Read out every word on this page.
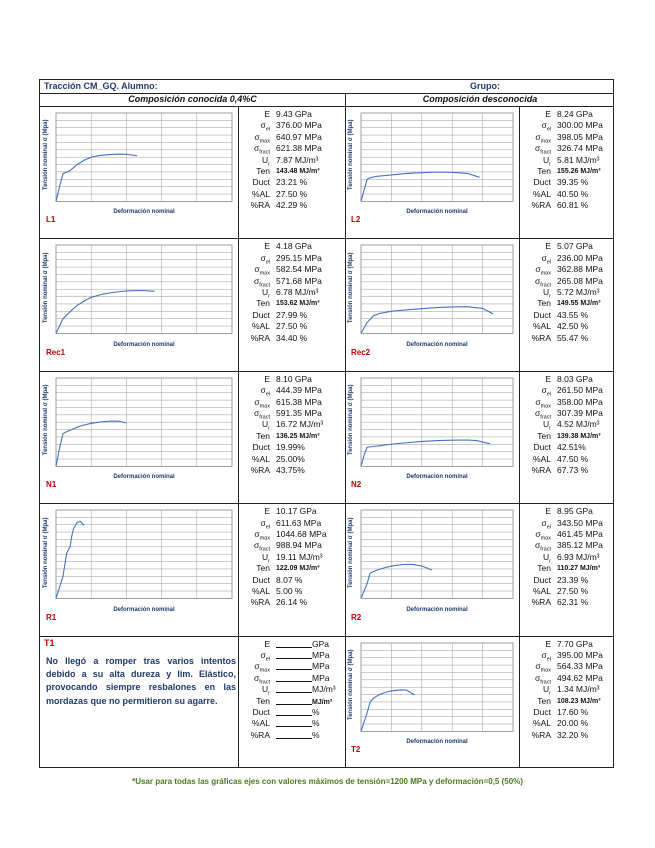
Tracción CM_GQ. Alumno:	Grupo:
Composición conocida 0,4%C	Composición desconocida
Tensión nominal σ (Mpa)
Deformación nominal
L1
E 9.43 GPa
$\sigma_{el}$ 376.00 MPa
$\sigma_{max}$ 640.97 MPa
$\sigma_{fract}$ 621.38 MPa
$U_r$ 7.87 MJ/m³
Ten 143.48 MJ/m³
Duct 23.21 %
%AL 27.50 %
%RA 42.29 %
Tensión nominal σ (Mpa)
Deformación nominal
L2
E 8.24 GPa
$\sigma_{el}$ 300.00 MPa
$\sigma_{max}$ 398.05 MPa
$\sigma_{fract}$ 326.74 MPa
$U_r$ 5.81 MJ/m³
Ten 155.26 MJ/m³
Duct 39.35 %
%AL 40.50 %
%RA 60.81 %
Tensión nominal σ (Mpa)
Deformación nominal
Rec1
E 4.18 GPa
$\sigma_{el}$ 295.15 MPa
$\sigma_{max}$ 582.54 MPa
$\sigma_{fract}$ 571.68 MPa
$U_r$ 6.78 MJ/m³
Ten 153.62 MJ/m³
Duct 27.99 %
%AL 27.50 %
%RA 34.40 %
Tensión nominal σ (Mpa)
Deformación nominal
Rec2
E 5.07 GPa
$\sigma_{el}$ 236.00 MPa
$\sigma_{max}$ 362.88 MPa
$\sigma_{fract}$ 265.08 MPa
$U_r$ 5.72 MJ/m³
Ten 149.55 MJ/m³
Duct 43.55 %
%AL 42.50 %
%RA 55.47 %
Tensión nominal σ (Mpa)
Deformación nominal
N1
E 8.10 GPa
$\sigma_{el}$ 444.39 MPa
$\sigma_{max}$ 615.38 MPa
$\sigma_{fract}$ 591.35 MPa
$U_r$ 16.72 MJ/m³
Ten 136.25 MJ/m³
Duct 19.99%
%AL 25.00%
%RA 43.75%
Tensión nominal σ (Mpa)
Deformación nominal
N2
E 8.03 GPa
$\sigma_{el}$ 261.50 MPa
$\sigma_{max}$ 358.00 MPa
$\sigma_{fract}$ 307.39 MPa
$U_r$ 4.52 MJ/m³
Ten 139.38 MJ/m³
Duct 42.51%
%AL 47.50 %
%RA 67.73 %
Tensión nominal σ (Mpa)
Deformación nominal
R1
E 10.17 GPa
$\sigma_{el}$ 611.63 MPa
$\sigma_{max}$ 1044.68 MPa
$\sigma_{fract}$ 988.94 MPa
$U_r$ 19.11 MJ/m³
Ten 122.09 MJ/m³
Duct 8.07 %
%AL 5.00 %
%RA 26.14 %
Tensión nominal σ (Mpa)
Deformación nominal
R2
E 8.95 GPa
$\sigma_{el}$ 343.50 MPa
$\sigma_{max}$ 461.45 MPa
$\sigma_{fract}$ 385.12 MPa
$U_r$ 6.93 MJ/m³
Ten 110.27 MJ/m³
Duct 23.39 %
%AL 27.50 %
%RA 62.31 %
T1
No llegó a romper tras varios intentos debido a su alta dureza y lim. Elástico, provocando siempre resbalones en las mordazas que no permitieron su agarre.
E	GPa
$\sigma_{el}$	MPa
$\sigma_{max}$	MPa
$\sigma_{fract}$	MPa
$U_r$	MJ/m³
Ten	MJ/m³
Duct	%
%AL	%
%RA	%
Tensión nominal σ (Mpa)
Deformación nominal
T2
E 7.70 GPa
$\sigma_{el}$ 395.00 MPa
$\sigma_{max}$ 564.33 MPa
$\sigma_{fract}$ 494.62 MPa
$U_r$ 1.34 MJ/m³
Ten 108.23 MJ/m³
Duct 17.60 %
%AL 20.00 %
%RA 32.20 %
*Usar para todas las gráficas ejes con valores máximos de tensión=1200 MPa y deformación=0,5 (50%)
